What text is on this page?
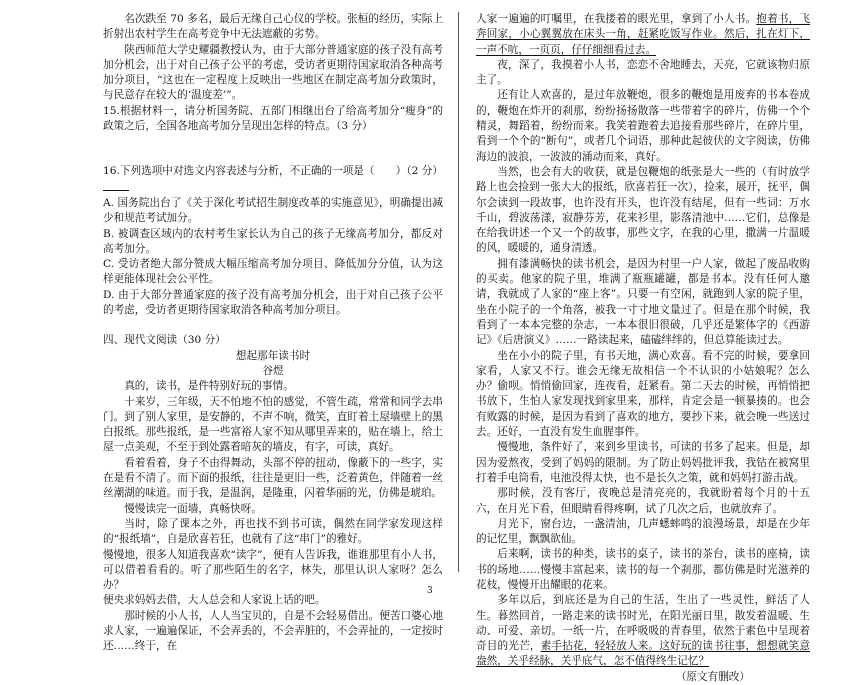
名次跌至 70 多名，最后无缘自己心仪的学校。张桓的经历，实际上折射出农村学生在高考竞争中无法遮蔽的劣势。

陕西师范大学史耀疆教授认为，由于大部分普通家庭的孩子没有高考加分机会，出于对自己孩子公平的考虑，受访者更期待国家取消各种高考加分项目，“这也在一定程度上反映出一些地区在制定高考加分政策时，与民意存在较大的‘温度差’”。

15.根据材料一，请分析国务院、五部门相继出台了给高考加分“瘦身”的政策之后，全国各地高考加分呈现出怎样的特点。（3 分）

16.下列选项中对选文内容表述与分析，不正确的一项是（　　）（2 分）

A. 国务院出台了《关于深化考试招生制度改革的实施意见》，明确提出减少和规范考试加分。

B. 被调查区域内的农村考生家长认为自己的孩子无缘高考加分，都反对高考加分。

C. 受访者绝大部分赞成大幅压缩高考加分项目、降低加分分值，认为这样更能体现社会公平性。

D. 由于大部分普通家庭的孩子没有高考加分机会，出于对自己孩子公平的考虑，受访者更期待国家取消各种高考加分项目。

四、现代文阅读（30 分）

想起那年读书时

谷煜

真的，读书，是件特别好玩的事情。

十来岁，三年级，天不怕地不怕的感觉，不管生疏，常常和同学去串门。到了别人家里，是安静的，不声不响，微笑，直盯着土屋墙壁上的黑白报纸。那些报纸，是一些富裕人家不知从哪里弄来的，贴在墙上，给土屋一点美观，不至于到处露着暗灰的墙皮，有字，可读，真好。

看着看着，身子不由得舞动，头部不停的扭动，像蔽下的一些字，实在是看不清了。而下面的报纸，往往是更旧一些，泛着黄色，伴随着一丝丝潮湖的味道。而于我，是温润，是隆重，闪着华丽的光，仿佛是琥珀。

慢慢读完一面墙，真畅快呀。

当时，除了课本之外，再也找不到书可读，偶然在同学家发现这样的“报纸墙”，自是欣喜若狂，也就有了这“串门”的雅好。

慢慢地，很多人知道我喜欢“读字”，便有人告诉我，谁谁那里有小人书，可以借着看看的。听了那些陌生的名字，林失，那里认识人家呀？怎么办？

便央求妈妈去借，大人总会和人家说上话的吧。

那时候的小人书，人人当宝贝的，自是不会轻易借出。便苦口婆心地求人家，一遍遍保证，不会弄丢的，不会弄脏的，不会弄扯的，一定按时还……终于，在

人家一遍遍的叮嘱里，在我搂着的眼光里，拿到了小人书。抱着书，飞奔回家，小心翼翼放在床头一角，赶紧吃饭写作业。然后，扎在灯下，一声不吭，一页页，仔仔细细看过去。

夜，深了，我摸着小人书，恋恋不舍地睡去，天亮，它就该物归原主了。

还有让人欢喜的，是过年放鞭炮，很多的鞭炮是用废弃的书本卷成的，鞭炮在炸开的刹那，纷纷扬扬散落一些带着字的碎片，仿佛一个个精灵，舞蹈着，纷纷而来。我笑着跑着去追接看那些碎片，在碎片里，看到一个个的“断句”，或者几个词语，那种此起彼伏的文字阅读，仿佛海边的波浪，一波波的涌动而来，真好。

当然，也会有大的收获，就是包鞭炮的纸张是大一些的（有时放学路上也会捡到一张大大的报纸，欣喜若狂一次），捡来，展开，抚平，偶尔会读到一段故事，也许没有开头，也许没有结尾，但有一些词：万水千山，碧波荡漾，寂静芬芳，花来衫里，影落清池中……它们，总像是在给我讲述一个又一个的故事，那些文字，在我的心里，撒满一片温暖的风，暖暖的，通身清透。

拥有漆满畅快的读书机会，是因为村里一户人家，做起了废品收购的买卖。他家的院子里，堆满了瓶瓶罐罐，都是书本。没有任何人邀请，我就成了人家的“座上客”。只要一有空闲，就跑到人家的院子里，坐在小院子的一个角落，被我一寸寸地文量过了。但是在那个时候，我看到了一本本完整的杂志，一本本很旧很破，几乎还是繁体字的《西游记》《后唐演义》……一路读起来，磕磕绊绊的，但总算能读过去。

坐在小小的院子里，有书天地，满心欢喜。看不完的时候，要拿回家看，人家又不行。谁会无缘无故相信一个不认识的小姑娘呢？怎么办？偷呗。悄悄偷回家，连夜看，赶紧看。第二天去的时候，再悄悄把书放下，生怕人家发现找到家里来，那样，肯定会是一顿暴揍的。也会有败露的时候，是因为看到了喜欢的地方，要抄下来，就会晚一些送过去。还好，一直没有发生血腥事件。

慢慢地，条件好了，来到乡里读书，可读的书多了起来。但是，却因为爱熬夜，受到了妈妈的限制。为了防止妈妈批评我，我钻在被窝里打着手电筒看，电池没得太快，也不是长久之策，就和妈妈打游击战。

那时候，没有客厅，夜晚总是清亮亮的，我就盼着每个月的十五六，在月光下看，但眼睛看得疼啊，试了几次之后，也就放弃了。

月光下，窗台边，一盏清油，几声蟋蟀鸣的浪漫场景，却是在少年的记忆里，飘飘欲仙。

后来啊，读书的种类，读书的桌子，读书的茶台，读书的座椅，读书的场地……慢慢丰富起来，读书的每一个刹那，都仿佛是时光滋养的花枝，慢慢开出耀眼的花来。

多年以后，到底还是为自己的生活，生出了一些灵性，鲜活了人生。暮然回首，一路走来的读书时光，在阳光丽日里，散发着温暖、生动、可爱、亲切。一纸一片，在呼吸吸的青春里，依然于素色中呈现着奇目的光芒，素手拈花，轻轻放人来。这好玩的读书往事，想想就笑意盎然，关乎经脉，关乎底气，怎不值得终生记忆？

（原文有删改）

3
